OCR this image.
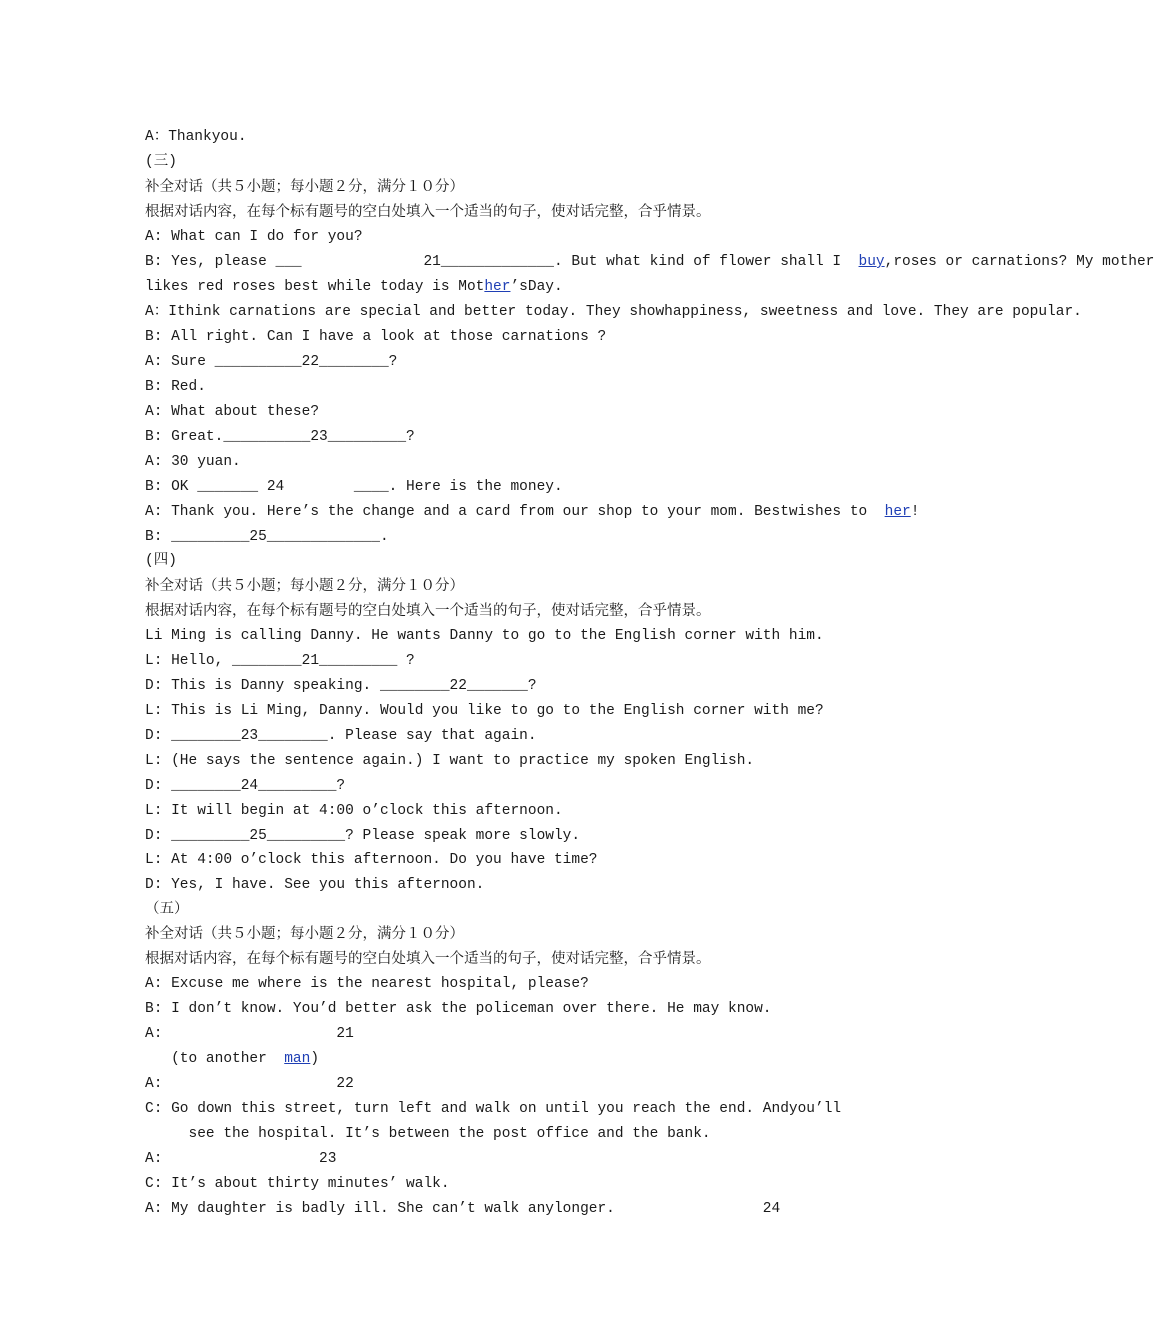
A：Thankyou.
(三)
补全对话（共５小题；每小题２分，满分１０分）
根据对话内容，在每个标有题号的空白处填入一个适当的句子，使对话完整，合乎情景。
A: What can I do for you?
B: Yes, please ___              21_____________. But what kind of flower shall I  buy,roses or carnations? My mother
likes red roses best while today is Mother’sDay.
A：Ithink carnations are special and better today. They showhappiness, sweetness and love. They are popular.
B: All right. Can I have a look at those carnations ?
A: Sure __________22________?
B: Red.
A: What about these?
B: Great.__________23_________?
A: 30 yuan.
B: OK _______ 24        ____. Here is the money.
A: Thank you. Here’s the change and a card from our shop to your mom. Bestwishes to  her!
B: _________25_____________.
(四)
补全对话（共５小题；每小题２分，满分１０分）
根据对话内容，在每个标有题号的空白处填入一个适当的句子，使对话完整，合乎情景。
Li Ming is calling Danny. He wants Danny to go to the English corner with him.
L: Hello, ________21_________ ?
D: This is Danny speaking. ________22_______?
L: This is Li Ming, Danny. Would you like to go to the English corner with me?
D: ________23________. Please say that again.
L: (He says the sentence again.) I want to practice my spoken English.
D: ________24_________?
L: It will begin at 4:00 o’clock this afternoon.
D: _________25_________? Please speak more slowly.
L: At 4:00 o’clock this afternoon. Do you have time?
D: Yes, I have. See you this afternoon.
（五）
补全对话（共５小题；每小题２分，满分１０分）
根据对话内容，在每个标有题号的空白处填入一个适当的句子，使对话完整，合乎情景。
A: Excuse me where is the nearest hospital, please?
B: I don’t know. You’d better ask the policeman over there. He may know.
A:                    21
(to another  man)
A:                    22
C: Go down this street, turn left and walk on until you reach the end. Andyou’ll
see the hospital. It’s between the post office and the bank.
A:                  23
C: It’s about thirty minutes’ walk.
A: My daughter is badly ill. She can’t walk anylonger.                 24
